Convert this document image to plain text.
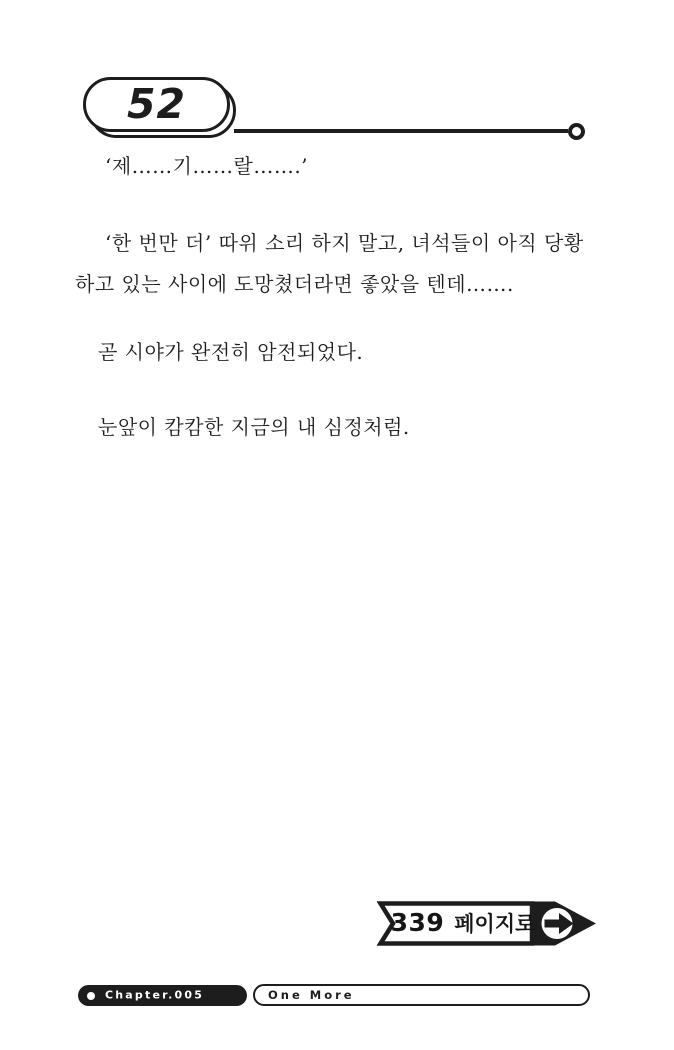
52

‘제……기……랄…….’

‘한 번만 더’ 따위 소리 하지 말고, 녀석들이 아직 당황
하고 있는 사이에 도망쳤더라면 좋았을 텐데…….

곧 시야가 완전히 암전되었다.

눈앞이 캄캄한 지금의 내 심정처럼.

339 페이지로
Chapter.005	One More
